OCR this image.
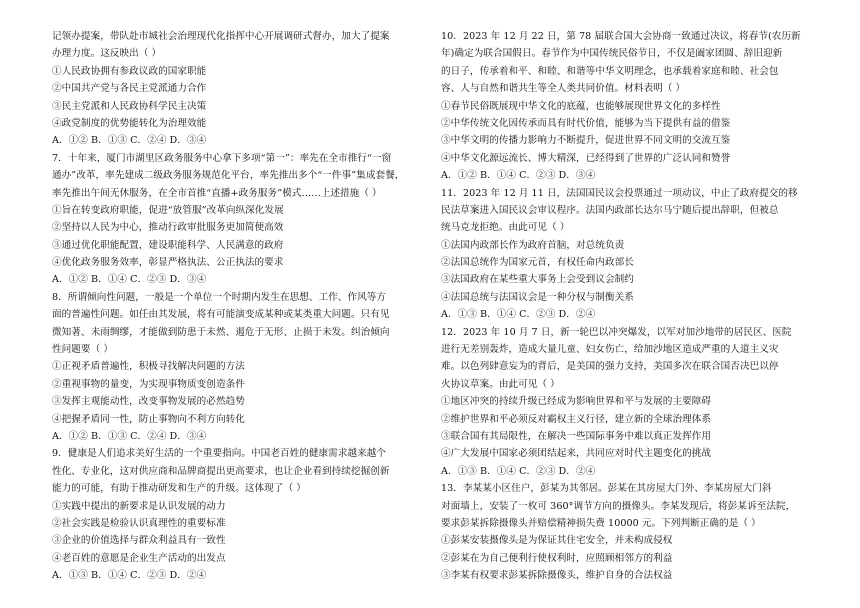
记领办提案，带队赴市城社会治理现代化指挥中心开展调研式督办，加大了提案
办理力度。这反映出（ ）
①人民政协拥有参政议政的国家职能
②中国共产党与各民主党派通力合作
③民主党派和人民政协科学民主决策
④政党制度的优势能转化为治理效能
A．①② B．①③ C．②④ D．③④
7．十年来，厦门市湖里区政务服务中心拿下多项“第一”：率先在全市推行“一窗
通办”改革，率先建成二级政务服务规范化平台，率先推出多个“一件事”集成套餐，
率先推出午间无休服务，在全市首推“直播+政务服务”模式……上述措施（ ）
①旨在转变政府职能，促进“放管服”改革向纵深化发展
②坚持以人民为中心，推动行政审批服务更加简便高效
③通过优化职能配置，建设职能科学、人民满意的政府
④优化政务服务效率，彰显严格执法、公正执法的要求
A．①② B．①④ C．②③ D．③④
8．所谓倾向性问题，一般是一个单位一个时期内发生在思想、工作、作风等方
面的普遍性问题。如任由其发展，将有可能演变成某种或某类重大问题。只有见
微知著、未雨绸缪，才能做到防患于未然、遏危于无形、止损于未发。纠治倾向
性问题要（ ）
①正视矛盾普遍性，积极寻找解决问题的方法
②重视事物的量变，为实现事物质变创造条件
③发挥主观能动性，改变事物发展的必然趋势
④把握矛盾同一性，防止事物向不利方向转化
A．①② B．①③ C．②④ D．③④
9．健康是人们追求美好生活的一个重要指向。中国老百姓的健康需求越来越个
性化、专业化，这对供应商和品牌商提出更高要求，也让企业看到持续挖掘创新
能力的可能，有助于推动研发和生产的升级。这体现了（ ）
①实践中提出的新要求是认识发展的动力
②社会实践是检验认识真理性的重要标准
③企业的价值选择与群众利益具有一致性
④老百姓的意愿是企业生产活动的出发点
A．①③ B．①④ C．②③ D．②④
10．2023 年 12 月 22 日，第 78 届联合国大会协商一致通过决议，将春节(农历新
年)确定为联合国假日。春节作为中国传统民俗节日，不仅是阖家团圆、辞旧迎新
的日子，传承着和平、和睦、和谐等中华文明理念，也承载着家庭和睦、社会包
容、人与自然和谐共生等全人类共同价值。材料表明（ ）
①春节民俗既展现中华文化的底蕴，也能够展现世界文化的多样性
②中华传统文化因传承而具有时代价值，能够为当下提供有益的借鉴
③中华文明的传播力影响力不断提升，促进世界不同文明的交流互鉴
④中华文化源远流长、博大精深，已经得到了世界的广泛认同和赞誉
A．①② B．①④ C．②③ D．③④
11．2023 年 12 月 11 日，法国国民议会投票通过一项动议，中止了政府提交的移
民法草案进入国民议会审议程序。法国内政部长达尔马宁随后提出辞职，但被总
统马克龙拒绝。由此可见（ ）
①法国内政部长作为政府首脑，对总统负责
②法国总统作为国家元首，有权任命内政部长
③法国政府在某些重大事务上会受到议会制约
④法国总统与法国议会是一种分权与制衡关系
A．①③ B．①④ C．②③ D．②④
12．2023 年 10 月 7 日，新一轮巴以冲突爆发，以军对加沙地带的居民区、医院
进行无差别轰炸，造成大量儿童、妇女伤亡，给加沙地区造成严重的人道主义灾
难。以色列肆意妄为的背后，是美国的强力支持，美国多次在联合国否决巴以停
火协议草案。由此可见（ ）
①地区冲突的持续升级已经成为影响世界和平与发展的主要障碍
②维护世界和平必须反对霸权主义行径，建立新的全球治理体系
③联合国有其局限性，在解决一些国际事务中难以真正发挥作用
④广大发展中国家必须团结起来，共同应对时代主题变化的挑战
A．①③ B．①④ C．②③ D．②④
13．李某某小区住户，彭某为其邻居。彭某在其房屋大门外、李某房屋大门斜
对面墙上，安装了一枚可 360°调节方向的摄像头。李某发现后，将彭某诉至法院，
要求彭某拆除摄像头并赔偿精神损失费 10000 元。下列判断正确的是（ ）
①彭某安装摄像头是为保证其住宅安全，并未构成侵权
②彭某在为自己便利行使权利时，应照顾相邻方的利益
③李某有权要求彭某拆除摄像头，维护自身的合法权益
